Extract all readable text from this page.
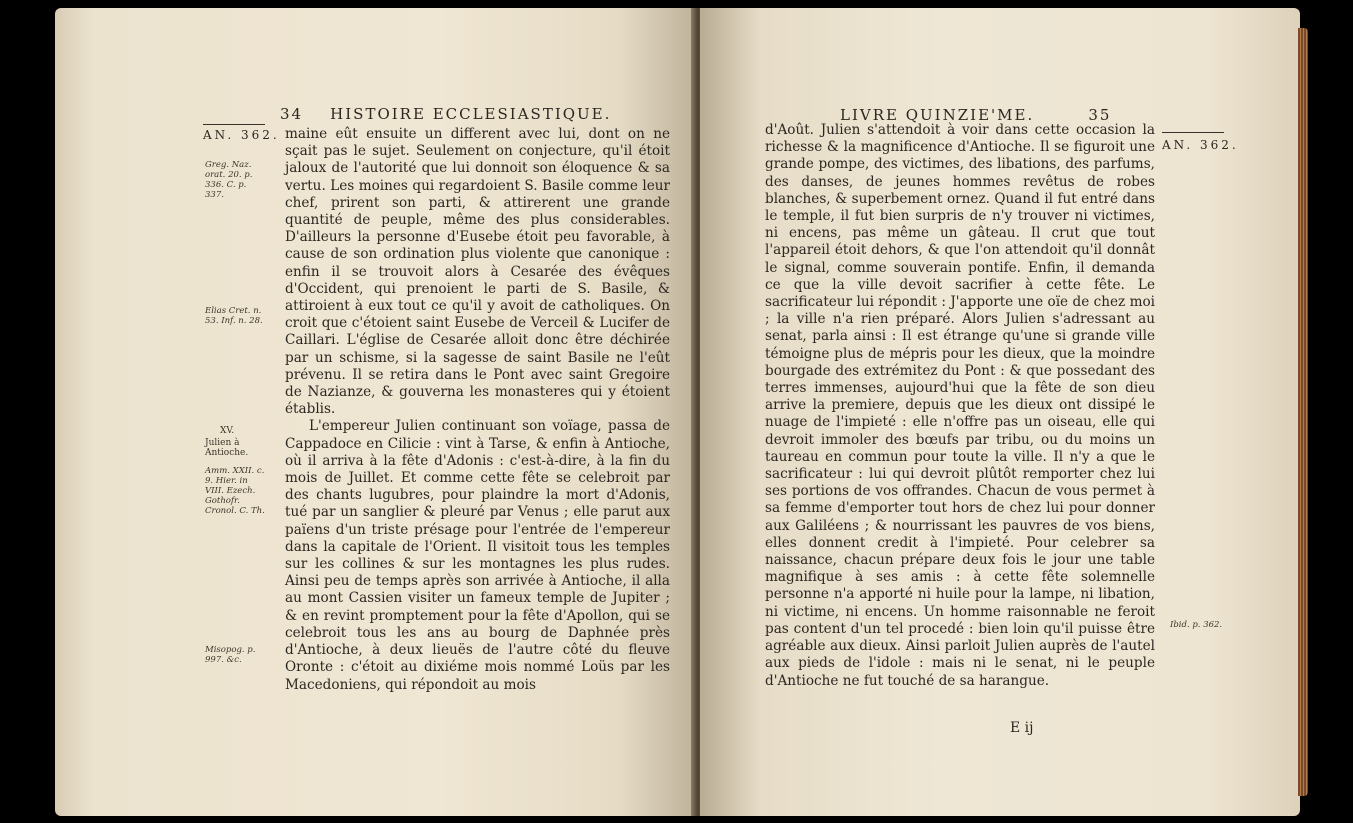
34 HISTOIRE ECCLESIASTIQUE.
AN. 362.
Greg. Naz. orat. 20. p. 336. C. p. 337.
Elias Cret. n. 53. Inf. n. 28.
XV.
Julien à Antioche.
Amm. XXII. c. 9. Hier. in VIII. Ezech. Gothofr. Cronol. C. Th.
Misopog. p. 997. &c.

maine eût ensuite un different avec lui, dont on ne sçait pas le sujet. Seulement on conjecture, qu'il étoit jaloux de l'autorité que lui donnoit son éloquence & sa vertu. Les moines qui regardoient S. Basile comme leur chef, prirent son parti, & attirerent une grande quantité de peuple, même des plus considerables. D'ailleurs la personne d'Eusebe étoit peu favorable, à cause de son ordination plus violente que canonique : enfin il se trouvoit alors à Cesarée des évêques d'Occident, qui prenoient le parti de S. Basile, & attiroient à eux tout ce qu'il y avoit de catholiques. On croit que c'étoient saint Eusebe de Verceil & Lucifer de Caillari. L'église de Cesarée alloit donc être déchirée par un schisme, si la sagesse de saint Basile ne l'eût prévenu. Il se retira dans le Pont avec saint Gregoire de Nazianze, & gouverna les monasteres qui y étoient établis.

L'empereur Julien continuant son voïage, passa de Cappadoce en Cilicie : vint à Tarse, & enfin à Antioche, où il arriva à la fête d'Adonis : c'est-à-dire, à la fin du mois de Juillet. Et comme cette fête se celebroit par des chants lugubres, pour plaindre la mort d'Adonis, tué par un sanglier & pleuré par Venus ; elle parut aux païens d'un triste présage pour l'entrée de l'empereur dans la capitale de l'Orient. Il visitoit tous les temples sur les collines & sur les montagnes les plus rudes. Ainsi peu de temps après son arrivée à Antioche, il alla au mont Cassien visiter un fameux temple de Jupiter ; & en revint promptement pour la fête d'Apollon, qui se celebroit tous les ans au bourg de Daphnée près d'Antioche, à deux lieuës de l'autre côté du fleuve Oronte : c'étoit au dixiéme mois nommé Loüs par les Macedoniens, qui répondoit au mois

LIVRE QUINZIE'ME.	35
AN. 362.

d'Août. Julien s'attendoit à voir dans cette occasion la richesse & la magnificence d'Antioche. Il se figuroit une grande pompe, des victimes, des libations, des parfums, des danses, de jeunes hommes revêtus de robes blanches, & superbement ornez. Quand il fut entré dans le temple, il fut bien surpris de n'y trouver ni victimes, ni encens, pas même un gâteau. Il crut que tout l'appareil étoit dehors, & que l'on attendoit qu'il donnât le signal, comme souverain pontife. Enfin, il demanda ce que la ville devoit sacrifier à cette fête. Le sacrificateur lui répondit : J'apporte une oïe de chez moi ; la ville n'a rien préparé. Alors Julien s'adressant au senat, parla ainsi : Il est étrange qu'une si grande ville témoigne plus de mépris pour les dieux, que la moindre bourgade des extrémitez du Pont : & que possedant des terres immenses, aujourd'hui que la fête de son dieu arrive la premiere, depuis que les dieux ont dissipé le nuage de l'impieté : elle n'offre pas un oiseau, elle qui devroit immoler des bœufs par tribu, ou du moins un taureau en commun pour toute la ville. Il n'y a que le sacrificateur : lui qui devroit plûtôt remporter chez lui ses portions de vos offrandes. Chacun de vous permet à sa femme d'emporter tout hors de chez lui pour donner aux Galiléens ; & nourrissant les pauvres de vos biens, elles donnent credit à l'impieté. Pour celebrer sa naissance, chacun prépare deux fois le jour une table magnifique à ses amis : à cette fête solemnelle personne n'a apporté ni huile pour la lampe, ni libation, ni victime, ni encens. Un homme raisonnable ne feroit pas content d'un tel procedé : bien loin qu'il puisse être agréable aux dieux. Ainsi parloit Julien auprès de l'autel aux pieds de l'idole : mais ni le senat, ni le peuple d'Antioche ne fut touché de sa harangue.

Ibid. p. 362.
E ij
